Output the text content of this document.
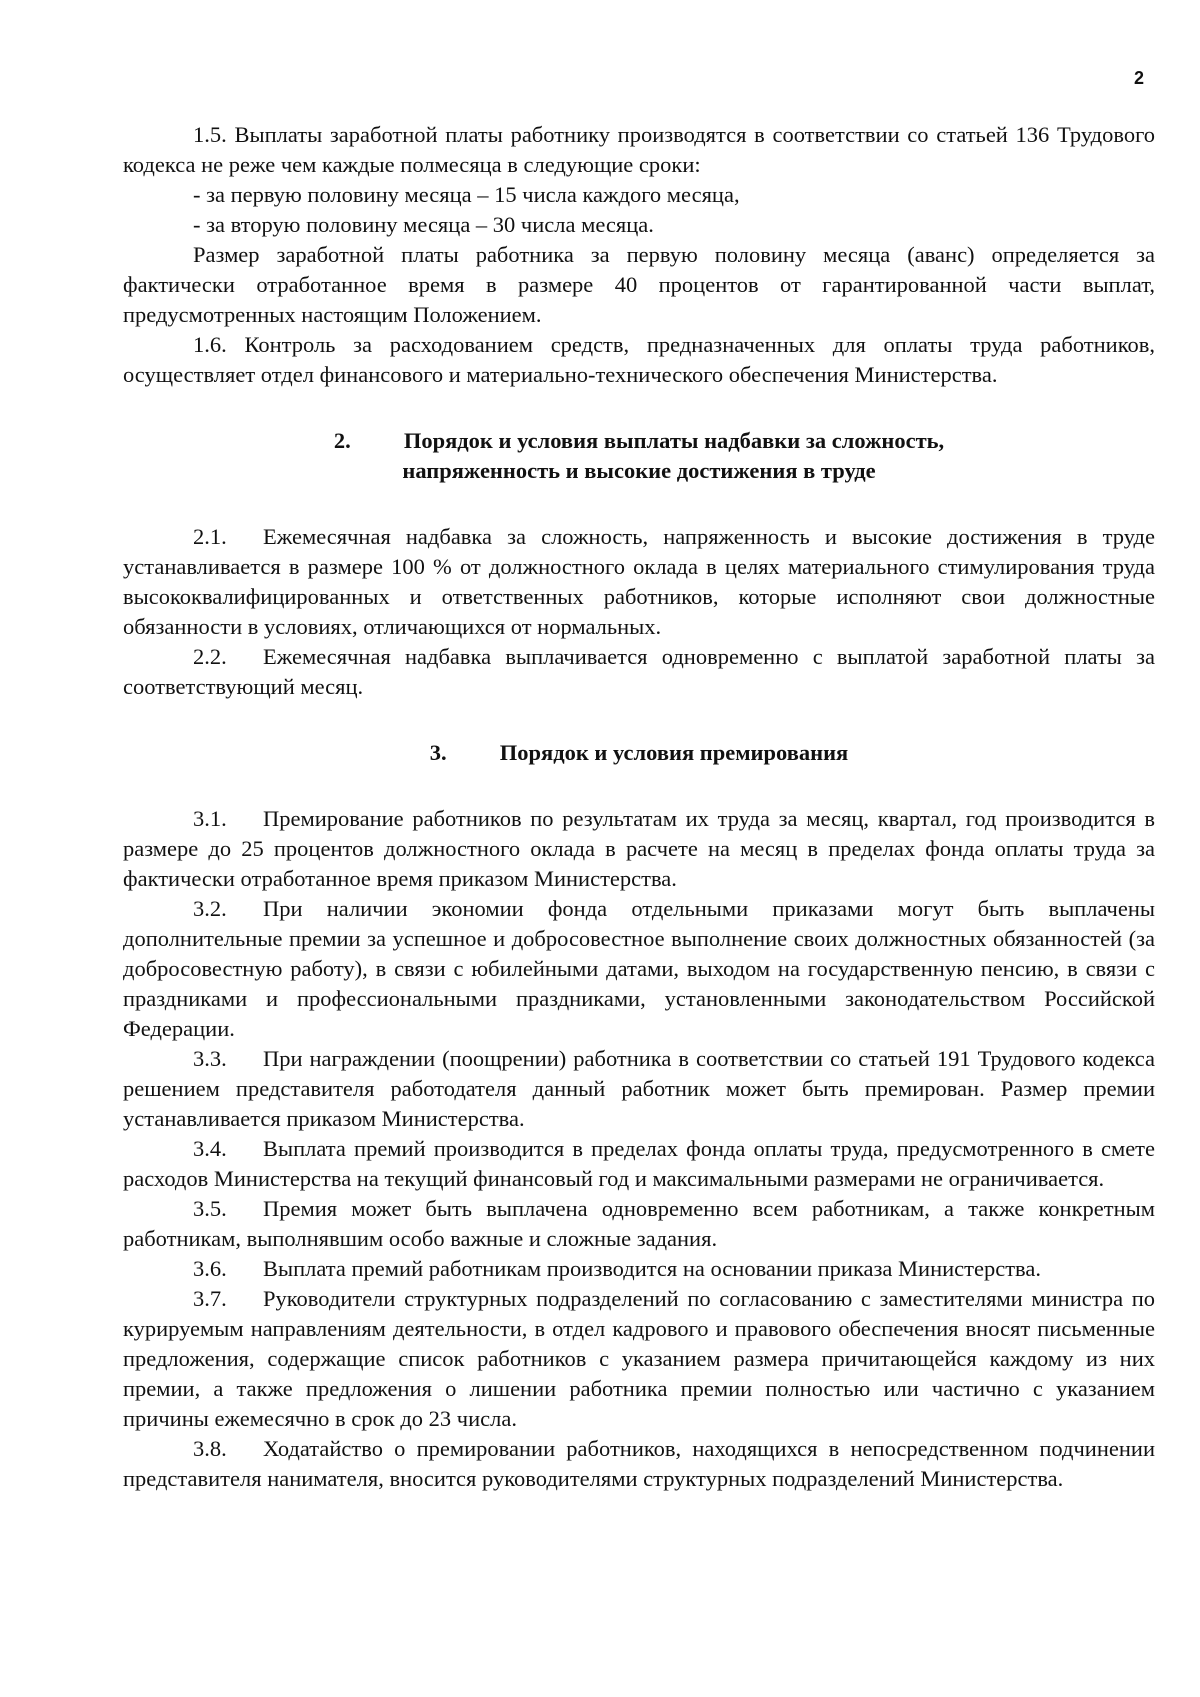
2

1.5. Выплаты заработной платы работнику производятся в соответствии со статьей 136 Трудового кодекса не реже чем каждые полмесяца в следующие сроки:

- за первую половину месяца – 15 числа каждого месяца,

- за вторую половину месяца – 30 числа месяца.

Размер заработной платы работника за первую половину месяца (аванс) определяется за фактически отработанное время в размере 40 процентов от гарантированной части выплат, предусмотренных настоящим Положением.

1.6. Контроль за расходованием средств, предназначенных для оплаты труда работников, осуществляет отдел финансового и материально-технического обеспечения Министерства.

2. Порядок и условия выплаты надбавки за сложность,
напряженность и высокие достижения в труде

2.1. Ежемесячная надбавка за сложность, напряженность и высокие достижения в труде устанавливается в размере 100 % от должностного оклада в целях материального стимулирования труда высококвалифицированных и ответственных работников, которые исполняют свои должностные обязанности в условиях, отличающихся от нормальных.

2.2. Ежемесячная надбавка выплачивается одновременно с выплатой заработной платы за соответствующий месяц.

3. Порядок и условия премирования

3.1. Премирование работников по результатам их труда за месяц, квартал, год производится в размере до 25 процентов должностного оклада в расчете на месяц в пределах фонда оплаты труда за фактически отработанное время приказом Министерства.

3.2. При наличии экономии фонда отдельными приказами могут быть выплачены дополнительные премии за успешное и добросовестное выполнение своих должностных обязанностей (за добросовестную работу), в связи с юбилейными датами, выходом на государственную пенсию, в связи с праздниками и профессиональными праздниками, установленными законодательством Российской Федерации.

3.3. При награждении (поощрении) работника в соответствии со статьей 191 Трудового кодекса решением представителя работодателя данный работник может быть премирован. Размер премии устанавливается приказом Министерства.

3.4. Выплата премий производится в пределах фонда оплаты труда, предусмотренного в смете расходов Министерства на текущий финансовый год и максимальными размерами не ограничивается.

3.5. Премия может быть выплачена одновременно всем работникам, а также конкретным работникам, выполнявшим особо важные и сложные задания.

3.6. Выплата премий работникам производится на основании приказа Министерства.

3.7. Руководители структурных подразделений по согласованию с заместителями министра по курируемым направлениям деятельности, в отдел кадрового и правового обеспечения вносят письменные предложения, содержащие список работников с указанием размера причитающейся каждому из них премии, а также предложения о лишении работника премии полностью или частично с указанием причины ежемесячно в срок до 23 числа.

3.8. Ходатайство о премировании работников, находящихся в непосредственном подчинении представителя нанимателя, вносится руководителями структурных подразделений Министерства.
